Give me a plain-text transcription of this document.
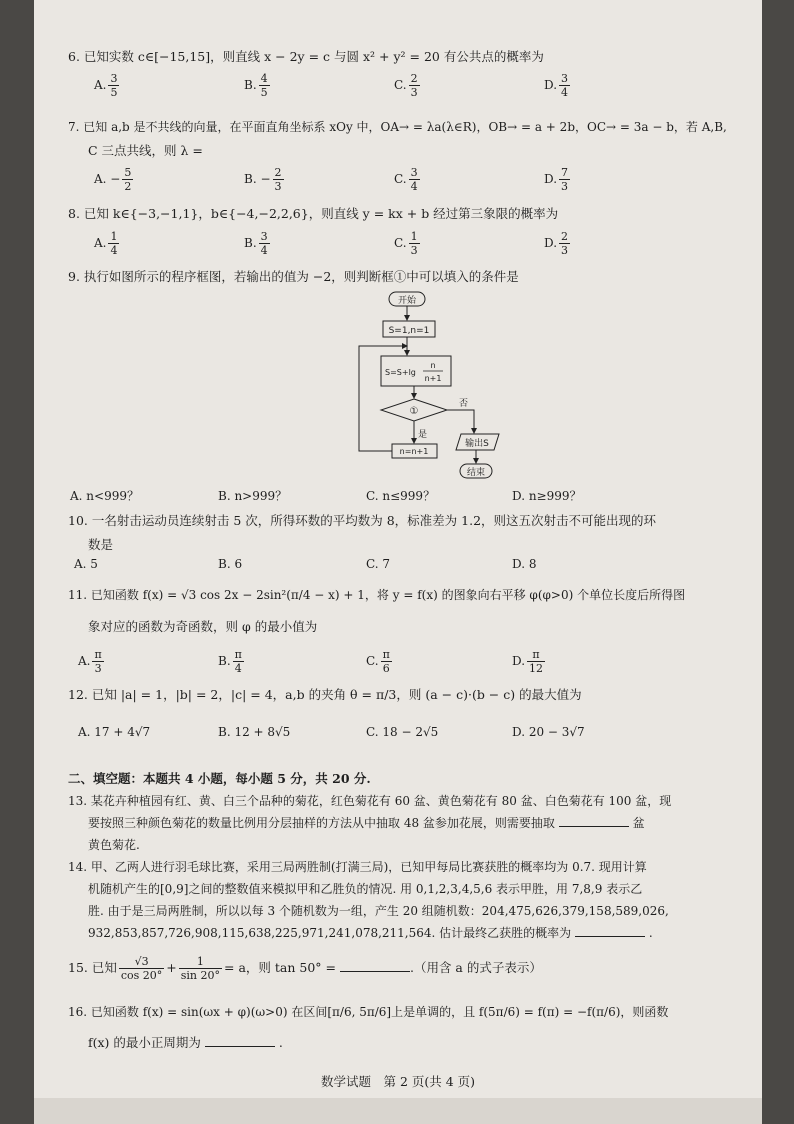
6. 已知实数 c∈[−15,15]，则直线 x − 2y = c 与圆 x² + y² = 20 有公共点的概率为
A. $\frac{3}{5}$	B. $\frac{4}{5}$	C. $\frac{2}{3}$	D. $\frac{3}{4}$
7. 已知 a,b 是不共线的向量，在平面直角坐标系 xOy 中，OA→ = λa(λ∈R)，OB→ = a + 2b，OC→ = 3a − b，若 A,B,
C 三点共线，则 λ =
A. − $\frac{5}{2}$	B. − $\frac{2}{3}$	C. $\frac{3}{4}$	D. $\frac{7}{3}$
8. 已知 k∈{−3,−1,1}，b∈{−4,−2,2,6}，则直线 y = kx + b 经过第三象限的概率为
A. $\frac{1}{4}$	B. $\frac{3}{4}$	C. $\frac{1}{3}$	D. $\frac{2}{3}$
9. 执行如图所示的程序框图，若输出的值为 −2，则判断框①中可以填入的条件是
开始
S=1,n=1
S=S+lg
n
n+1
①
否
是
n=n+1
输出S
结束
A. n<999？	B. n>999？	C. n≤999？	D. n≥999？
10. 一名射击运动员连续射击 5 次，所得环数的平均数为 8，标准差为 1.2，则这五次射击不可能出现的环
数是
A. 5	B. 6	C. 7	D. 8
11. 已知函数 f(x) = √3 cos 2x − 2sin²(π/4 − x) + 1，将 y = f(x) 的图象向右平移 φ(φ>0) 个单位长度后所得图
象对应的函数为奇函数，则 φ 的最小值为
A. $\frac{\pi}{3}$	B. $\frac{\pi}{4}$	C. $\frac{\pi}{6}$	D. $\frac{\pi}{12}$
12. 已知 |a| = 1，|b| = 2，|c| = 4，a,b 的夹角 θ = π/3，则 (a − c)·(b − c) 的最大值为
A. 17 + 4√7	B. 12 + 8√5	C. 18 − 2√5	D. 20 − 3√7
二、填空题：本题共 4 小题，每小题 5 分，共 20 分.
13. 某花卉种植园有红、黄、白三个品种的菊花，红色菊花有 60 盆、黄色菊花有 80 盆、白色菊花有 100 盆，现
要按照三种颜色菊花的数量比例用分层抽样的方法从中抽取 48 盆参加花展，则需要抽取	盆
黄色菊花.
14. 甲、乙两人进行羽毛球比赛，采用三局两胜制(打满三局)，已知甲每局比赛获胜的概率均为 0.7. 现用计算
机随机产生的[0,9]之间的整数值来模拟甲和乙胜负的情况. 用 0,1,2,3,4,5,6 表示甲胜，用 7,8,9 表示乙
胜. 由于是三局两胜制，所以以每 3 个随机数为一组，产生 20 组随机数：204,475,626,379,158,589,026,
932,853,857,726,908,115,638,225,971,241,078,211,564. 估计最终乙获胜的概率为	.
15. 已知 $\frac{√3}{\cos 20^\circ} + \frac{1}{\sin 20^\circ} = a$，则 tan 50° =	.（用含 a 的式子表示）
16. 已知函数 f(x) = sin(ωx + φ)(ω>0) 在区间[π/6, 5π/6]上是单调的，且 f(5π/6) = f(π) = −f(π/6)，则函数
f(x) 的最小正周期为	.
数学试题　第 2 页(共 4 页)
